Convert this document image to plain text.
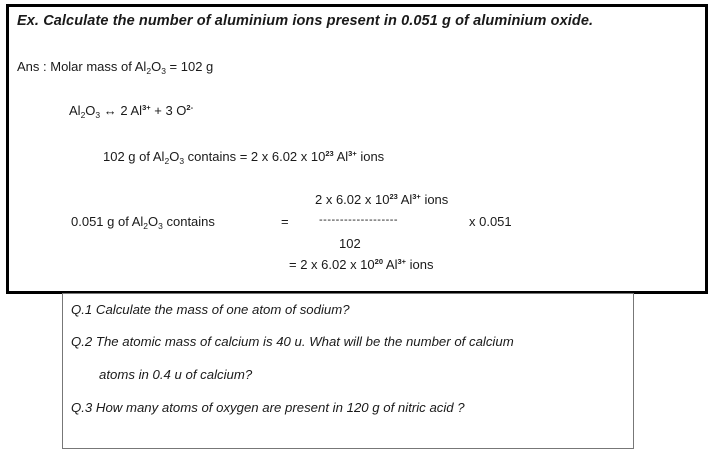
Ex. Calculate the number of aluminium ions present in 0.051 g of aluminium oxide.
Ans : Molar mass of $Al_2O_3 = 102$ g
$Al_2O_3$ ↔ 2 $Al^{3+} + 3$ $O^{2-}$
102 g of $Al_2O_3$ contains = 2 x 6.02 x $10^{23}$ $Al^{3+}$ ions
2 x 6.02 x $10^{23}$ $Al^{3+}$ ions
0.051 g of $Al_2O_3$ contains	=	-------------------	x 0.051
102
= 2 x 6.02 x $10^{20}$ $Al^{3+}$ ions
Q.1 Calculate the mass of one atom of sodium?
Q.2 The atomic mass of calcium is 40 u. What will be the number of calcium
atoms in 0.4 u of calcium?
Q.3 How many atoms of oxygen are present in 120 g of nitric acid ?
